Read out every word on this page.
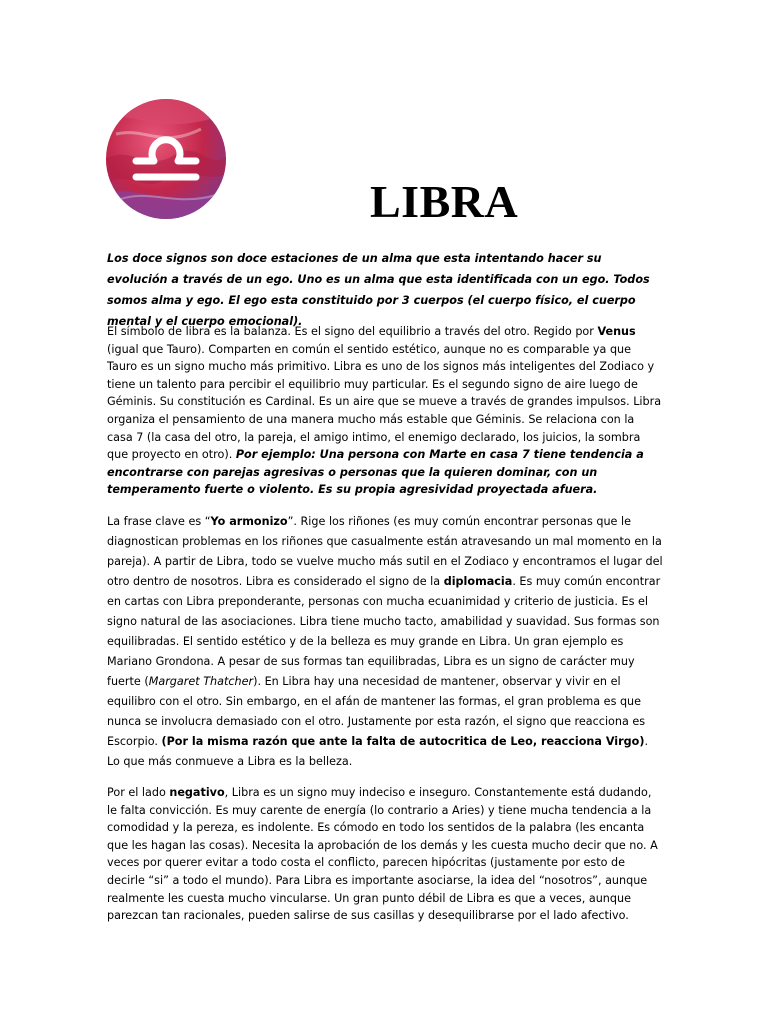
LIBRA

Los doce signos son doce estaciones de un alma que esta intentando hacer su evolución a través de un ego. Uno es un alma que esta identificada con un ego. Todos somos alma y ego. El ego esta constituido por 3 cuerpos (el cuerpo físico, el cuerpo mental y el cuerpo emocional).

El símbolo de libra es la balanza. Es el signo del equilibrio a través del otro. Regido por Venus (igual que Tauro). Comparten en común el sentido estético, aunque no es comparable ya que Tauro es un signo mucho más primitivo. Libra es uno de los signos más inteligentes del Zodiaco y tiene un talento para percibir el equilibrio muy particular. Es el segundo signo de aire luego de Géminis. Su constitución es Cardinal. Es un aire que se mueve a través de grandes impulsos. Libra organiza el pensamiento de una manera mucho más estable que Géminis. Se relaciona con la casa 7 (la casa del otro, la pareja, el amigo intimo, el enemigo declarado, los juicios, la sombra que proyecto en otro). Por ejemplo: Una persona con Marte en casa 7 tiene tendencia a encontrarse con parejas agresivas o personas que la quieren dominar, con un temperamento fuerte o violento. Es su propia agresividad proyectada afuera.

La frase clave es “Yo armonizo”. Rige los riñones (es muy común encontrar personas que le diagnostican problemas en los riñones que casualmente están atravesando un mal momento en la pareja). A partir de Libra, todo se vuelve mucho más sutil en el Zodiaco y encontramos el lugar del otro dentro de nosotros. Libra es considerado el signo de la diplomacia. Es muy común encontrar en cartas con Libra preponderante, personas con mucha ecuanimidad y criterio de justicia. Es el signo natural de las asociaciones. Libra tiene mucho tacto, amabilidad y suavidad. Sus formas son equilibradas. El sentido estético y de la belleza es muy grande en Libra. Un gran ejemplo es Mariano Grondona. A pesar de sus formas tan equilibradas, Libra es un signo de carácter muy fuerte (Margaret Thatcher). En Libra hay una necesidad de mantener, observar y vivir en el equilibro con el otro. Sin embargo, en el afán de mantener las formas, el gran problema es que nunca se involucra demasiado con el otro. Justamente por esta razón, el signo que reacciona es Escorpio. (Por la misma razón que ante la falta de autocritica de Leo, reacciona Virgo). Lo que más conmueve a Libra es la belleza.

Por el lado negativo, Libra es un signo muy indeciso e inseguro. Constantemente está dudando, le falta convicción. Es muy carente de energía (lo contrario a Aries) y tiene mucha tendencia a la comodidad y la pereza, es indolente. Es cómodo en todo los sentidos de la palabra (les encanta que les hagan las cosas). Necesita la aprobación de los demás y les cuesta mucho decir que no. A veces por querer evitar a todo costa el conflicto, parecen hipócritas (justamente por esto de decirle “si” a todo el mundo). Para Libra es importante asociarse, la idea del “nosotros”, aunque realmente les cuesta mucho vincularse. Un gran punto débil de Libra es que a veces, aunque parezcan tan racionales, pueden salirse de sus casillas y desequilibrarse por el lado afectivo.
